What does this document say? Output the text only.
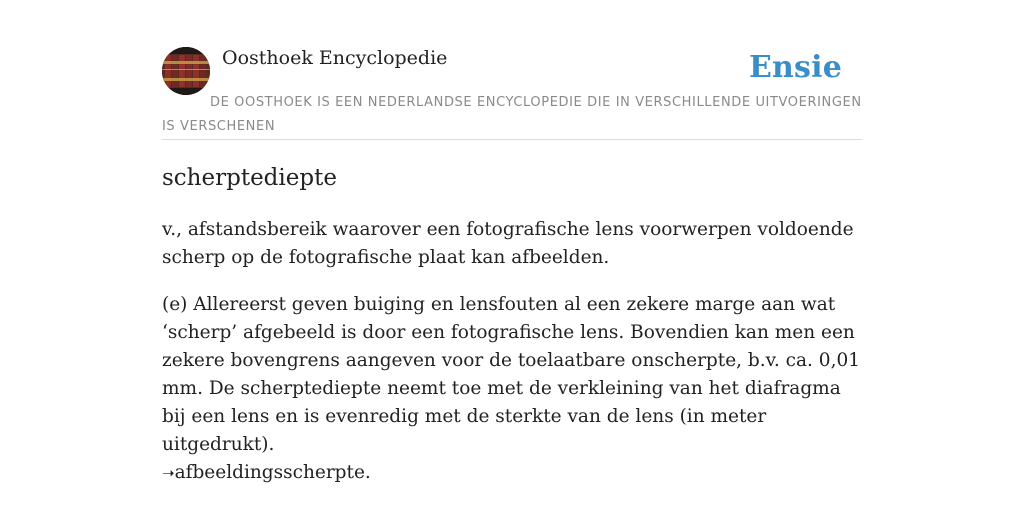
Oosthoek Encyclopedie	Ensie
DE OOSTHOEK IS EEN NEDERLANDSE ENCYCLOPEDIE DIE IN VERSCHILLENDE UITVOERINGEN IS VERSCHENEN
scherptediepte

v., afstandsbereik waarover een fotografische lens voorwerpen voldoende scherp op de fotografische plaat kan afbeelden.

(e) Allereerst geven buiging en lensfouten al een zekere marge aan wat ‘scherp’ afgebeeld is door een fotografische lens. Bovendien kan men een zekere bovengrens aangeven voor de toelaatbare onscherpte, b.v. ca. 0,01 mm. De scherptediepte neemt toe met de verkleining van het diafragma bij een lens en is evenredig met de sterkte van de lens (in meter uitgedrukt).
➝afbeeldingsscherpte.
